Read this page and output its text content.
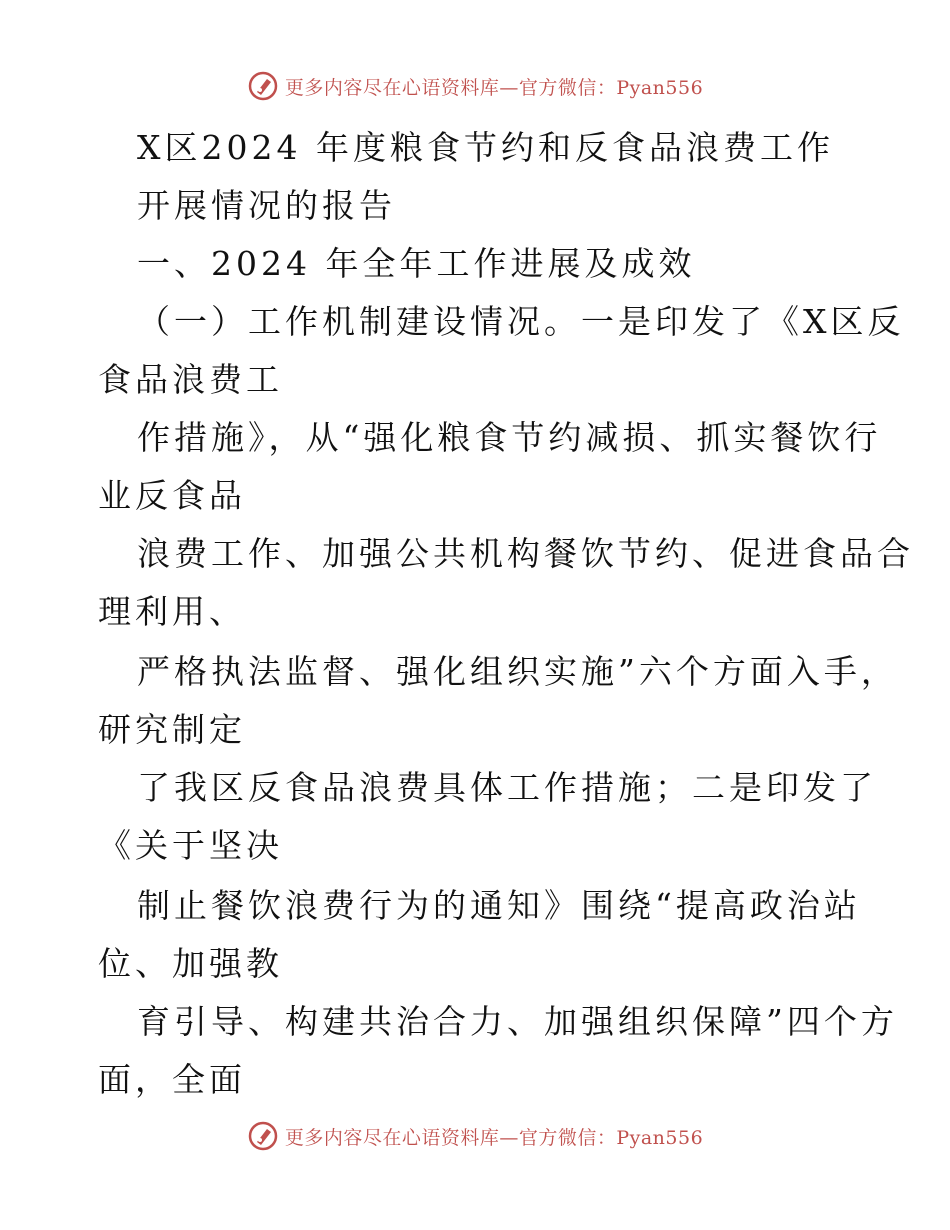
更多内容尽在心语资料库—官方微信：Pyan556
X区2024 年度粮食节约和反食品浪费工作
开展情况的报告
一、2024 年全年工作进展及成效
（一）工作机制建设情况。一是印发了《X区反
食品浪费工
作措施》，从“强化粮食节约减损、抓实餐饮行
业反食品
浪费工作、加强公共机构餐饮节约、促进食品合
理利用、
严格执法监督、强化组织实施”六个方面入手，
研究制定
了我区反食品浪费具体工作措施；二是印发了
《关于坚决
制止餐饮浪费行为的通知》围绕“提高政治站
位、加强教
育引导、构建共治合力、加强组织保障”四个方
面，全面
更多内容尽在心语资料库—官方微信：Pyan556
